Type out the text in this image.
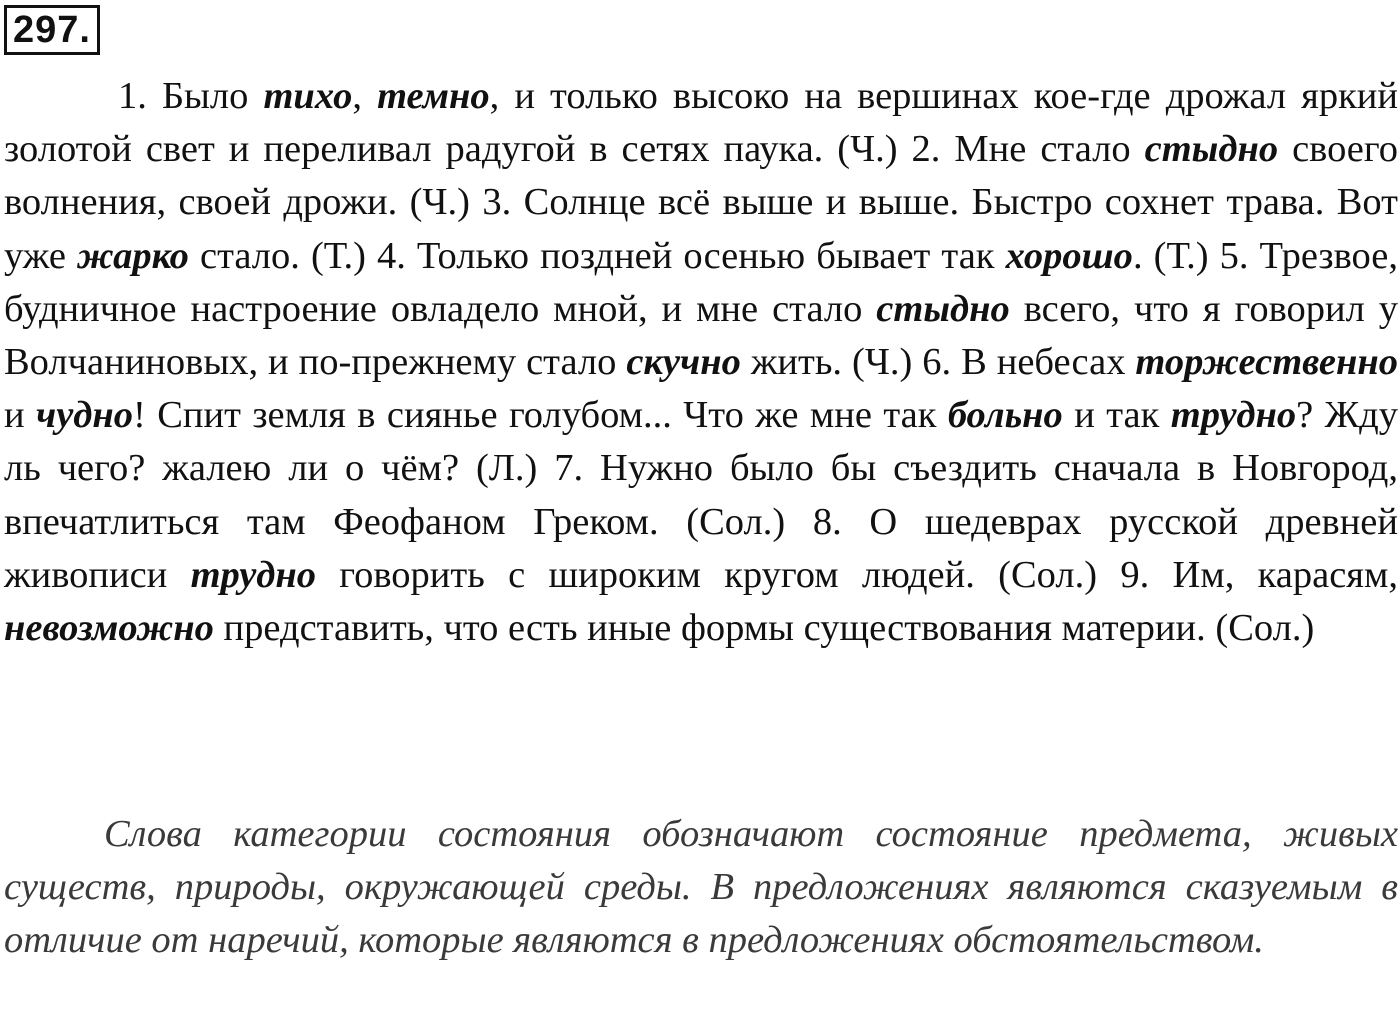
297.

1. Было тихо, темно, и только высоко на вершинах кое-где дрожал яркий золотой свет и переливал радугой в сетях паука. (Ч.) 2. Мне стало стыдно своего волнения, своей дрожи. (Ч.) 3. Солнце всё выше и выше. Быстро сохнет трава. Вот уже жарко стало. (Т.) 4. Только поздней осенью бывает так хорошо. (Т.) 5. Трезвое, будничное настроение овладело мной, и мне стало стыдно всего, что я говорил у Волчаниновых, и по-прежнему стало скучно жить. (Ч.) 6. В небесах торжественно и чудно! Спит земля в сиянье голубом... Что же мне так больно и так трудно? Жду ль чего? жалею ли о чём? (Л.) 7. Нужно было бы съездить сначала в Новгород, впечатлиться там Феофаном Греком. (Сол.) 8. О шедеврах русской древней живописи трудно говорить с широким кругом людей. (Сол.) 9. Им, карасям, невозможно представить, что есть иные формы существования материи. (Сол.)

Слова категории состояния обозначают состояние предмета, живых существ, природы, окружающей среды. В предложениях являются сказуемым в отличие от наречий, которые являются в предложениях обстоятельством.
